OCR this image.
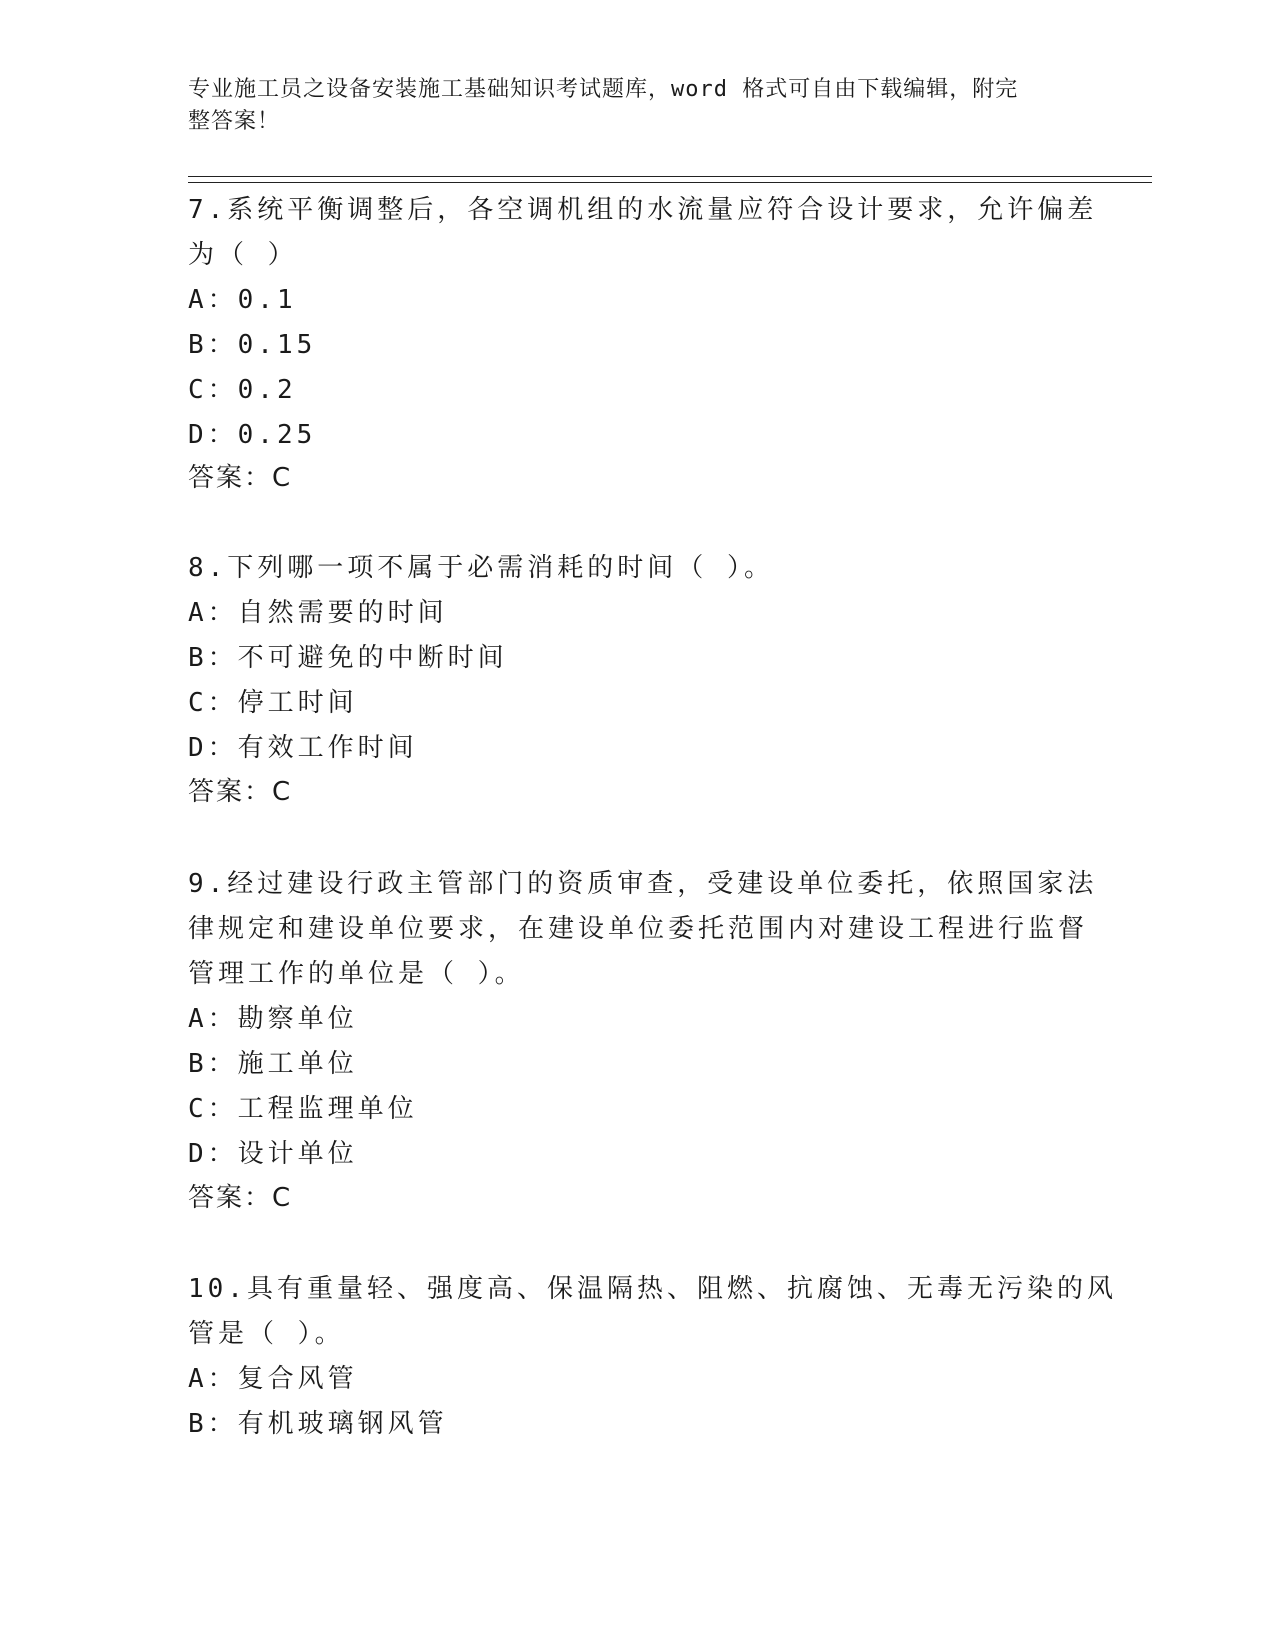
专业施工员之设备安装施工基础知识考试题库，word 格式可自由下载编辑，附完
整答案！
7.系统平衡调整后，各空调机组的水流量应符合设计要求，允许偏差
为（ ）
A：0.1
B：0.15
C：0.2
D：0.25
答案：C
8.下列哪一项不属于必需消耗的时间（ ）。
A：自然需要的时间
B：不可避免的中断时间
C：停工时间
D：有效工作时间
答案：C
9.经过建设行政主管部门的资质审查，受建设单位委托，依照国家法
律规定和建设单位要求，在建设单位委托范围内对建设工程进行监督
管理工作的单位是（ ）。
A：勘察单位
B：施工单位
C：工程监理单位
D：设计单位
答案：C
10.具有重量轻、强度高、保温隔热、阻燃、抗腐蚀、无毒无污染的风
管是（ ）。
A：复合风管
B：有机玻璃钢风管
